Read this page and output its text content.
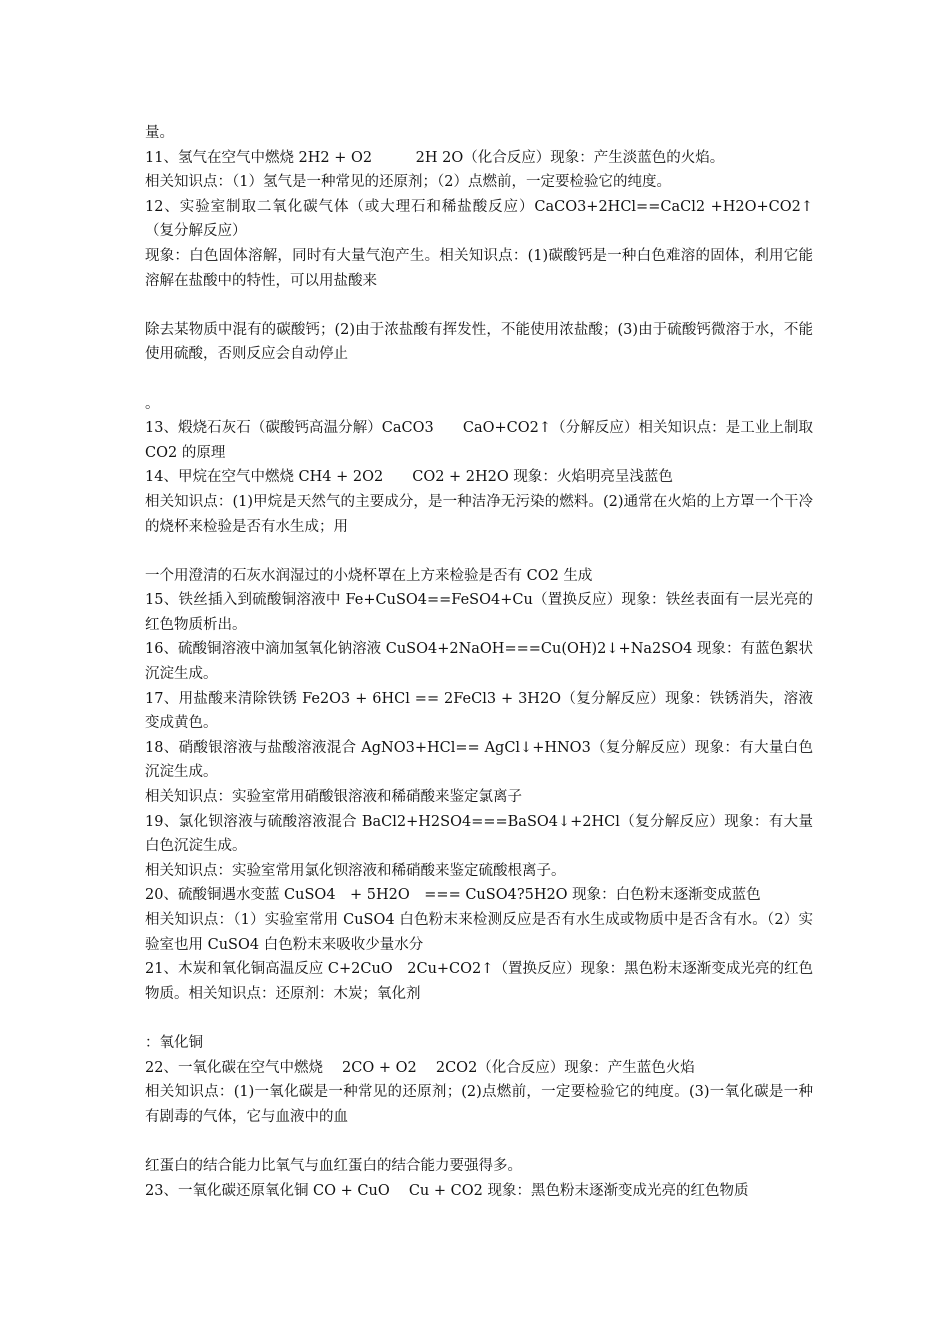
量。

11、氢气在空气中燃烧 2H2 + O2　　　2H 2O（化合反应）现象：产生淡蓝色的火焰。

相关知识点：（1）氢气是一种常见的还原剂；（2）点燃前，一定要检验它的纯度。

12、实验室制取二氧化碳气体（或大理石和稀盐酸反应）CaCO3+2HCl==CaCl2 +H2O+CO2↑（复分解反应）

现象：白色固体溶解，同时有大量气泡产生。相关知识点：(1)碳酸钙是一种白色难溶的固体，利用它能溶解在盐酸中的特性，可以用盐酸来

除去某物质中混有的碳酸钙；(2)由于浓盐酸有挥发性，不能使用浓盐酸；(3)由于硫酸钙微溶于水，不能使用硫酸，否则反应会自动停止

。

13、煅烧石灰石（碳酸钙高温分解）CaCO3　　CaO+CO2↑（分解反应）相关知识点：是工业上制取 CO2 的原理

14、甲烷在空气中燃烧 CH4 + 2O2　　CO2 + 2H2O 现象：火焰明亮呈浅蓝色

相关知识点：(1)甲烷是天然气的主要成分，是一种洁净无污染的燃料。(2)通常在火焰的上方罩一个干冷的烧杯来检验是否有水生成；用

一个用澄清的石灰水润湿过的小烧杯罩在上方来检验是否有 CO2 生成

15、铁丝插入到硫酸铜溶液中 Fe+CuSO4==FeSO4+Cu（置换反应）现象：铁丝表面有一层光亮的红色物质析出。

16、硫酸铜溶液中滴加氢氧化钠溶液 CuSO4+2NaOH===Cu(OH)2↓+Na2SO4 现象：有蓝色絮状沉淀生成。

17、用盐酸来清除铁锈 Fe2O3 + 6HCl == 2FeCl3 + 3H2O（复分解反应）现象：铁锈消失，溶液变成黄色。

18、硝酸银溶液与盐酸溶液混合 AgNO3+HCl== AgCl↓+HNO3（复分解反应）现象：有大量白色沉淀生成。

相关知识点：实验室常用硝酸银溶液和稀硝酸来鉴定氯离子

19、氯化钡溶液与硫酸溶液混合 BaCl2+H2SO4===BaSO4↓+2HCl（复分解反应）现象：有大量白色沉淀生成。

相关知识点：实验室常用氯化钡溶液和稀硝酸来鉴定硫酸根离子。

20、硫酸铜遇水变蓝 CuSO4　+ 5H2O　=== CuSO4?5H2O 现象：白色粉末逐渐变成蓝色

相关知识点：（1）实验室常用 CuSO4 白色粉末来检测反应是否有水生成或物质中是否含有水。（2）实验室也用 CuSO4 白色粉末来吸收少量水分

21、木炭和氧化铜高温反应 C+2CuO　2Cu+CO2↑（置换反应）现象：黑色粉末逐渐变成光亮的红色物质。相关知识点：还原剂：木炭；氧化剂

：氧化铜

22、一氧化碳在空气中燃烧　 2CO + O2　 2CO2（化合反应）现象：产生蓝色火焰

相关知识点：(1)一氧化碳是一种常见的还原剂；(2)点燃前，一定要检验它的纯度。(3)一氧化碳是一种有剧毒的气体，它与血液中的血

红蛋白的结合能力比氧气与血红蛋白的结合能力要强得多。

23、一氧化碳还原氧化铜 CO + CuO　 Cu + CO2 现象：黑色粉末逐渐变成光亮的红色物质
